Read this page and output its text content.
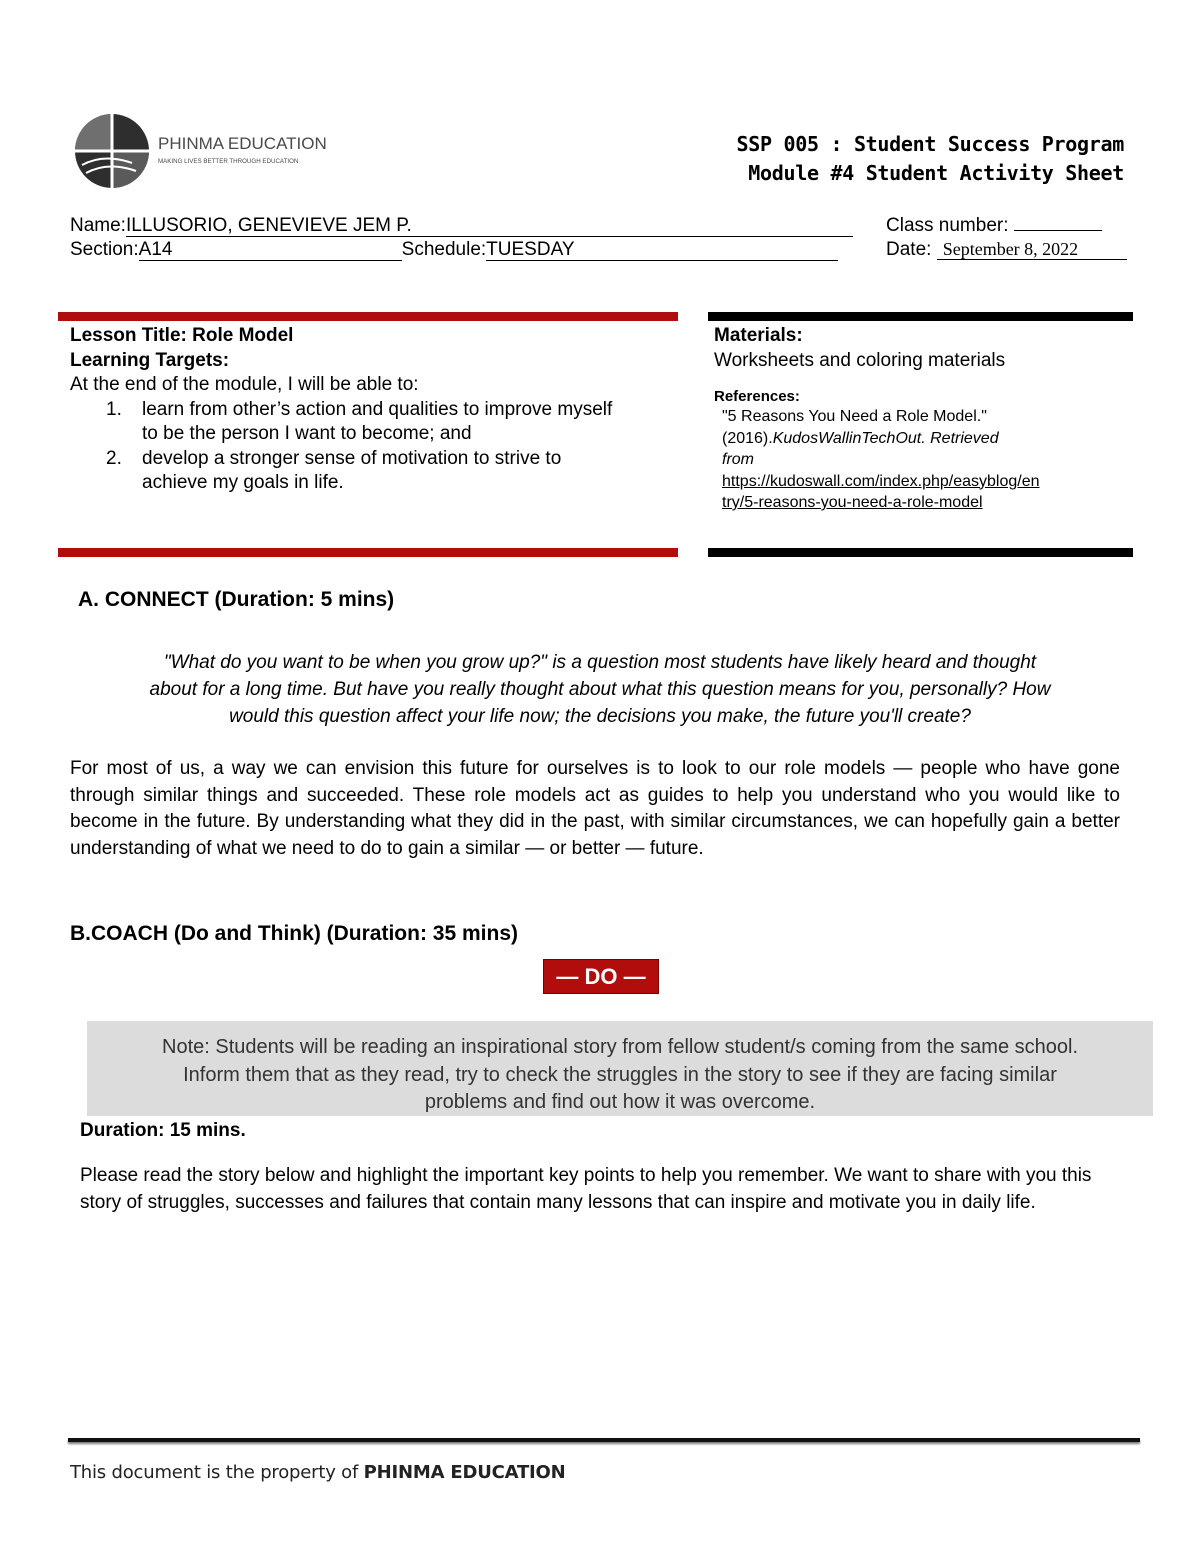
PHINMA EDUCATION
MAKING LIVES BETTER THROUGH EDUCATION
SSP 005 : Student Success Program
Module #4 Student Activity Sheet
Name:ILLUSORIO, GENEVIEVE JEM P.	Class number:
Section:A14	Schedule:TUESDAY	Date: September 8, 2022
Lesson Title: Role Model
Learning Targets:
At the end of the module, I will be able to:
1. learn from other’s action and qualities to improve myself
to be the person I want to become; and
2. develop a stronger sense of motivation to strive to
achieve my goals in life.
Materials:
Worksheets and coloring materials
References:
"5 Reasons You Need a Role Model."
(2016).KudosWallinTechOut. Retrieved
from
https://kudoswall.com/index.php/easyblog/en
try/5-reasons-you-need-a-role-model
A. CONNECT (Duration: 5 mins)
"What do you want to be when you grow up?" is a question most students have likely heard and thought
about for a long time. But have you really thought about what this question means for you, personally? How
would this question affect your life now; the decisions you make, the future you'll create?
For most of us, a way we can envision this future for ourselves is to look to our role models — people who have gone through similar things and succeeded. These role models act as guides to help you understand who you would like to become in the future. By understanding what they did in the past, with similar circumstances, we can hopefully gain a better understanding of what we need to do to gain a similar — or better — future.
B.COACH (Do and Think) (Duration: 35 mins)
— DO —
Note: Students will be reading an inspirational story from fellow student/s coming from the same school.
Inform them that as they read, try to check the struggles in the story to see if they are facing similar
problems and find out how it was overcome.
Duration: 15 mins.
Please read the story below and highlight the important key points to help you remember. We want to share with you this story of struggles, successes and failures that contain many lessons that can inspire and motivate you in daily life.
This document is the property of PHINMA EDUCATION
